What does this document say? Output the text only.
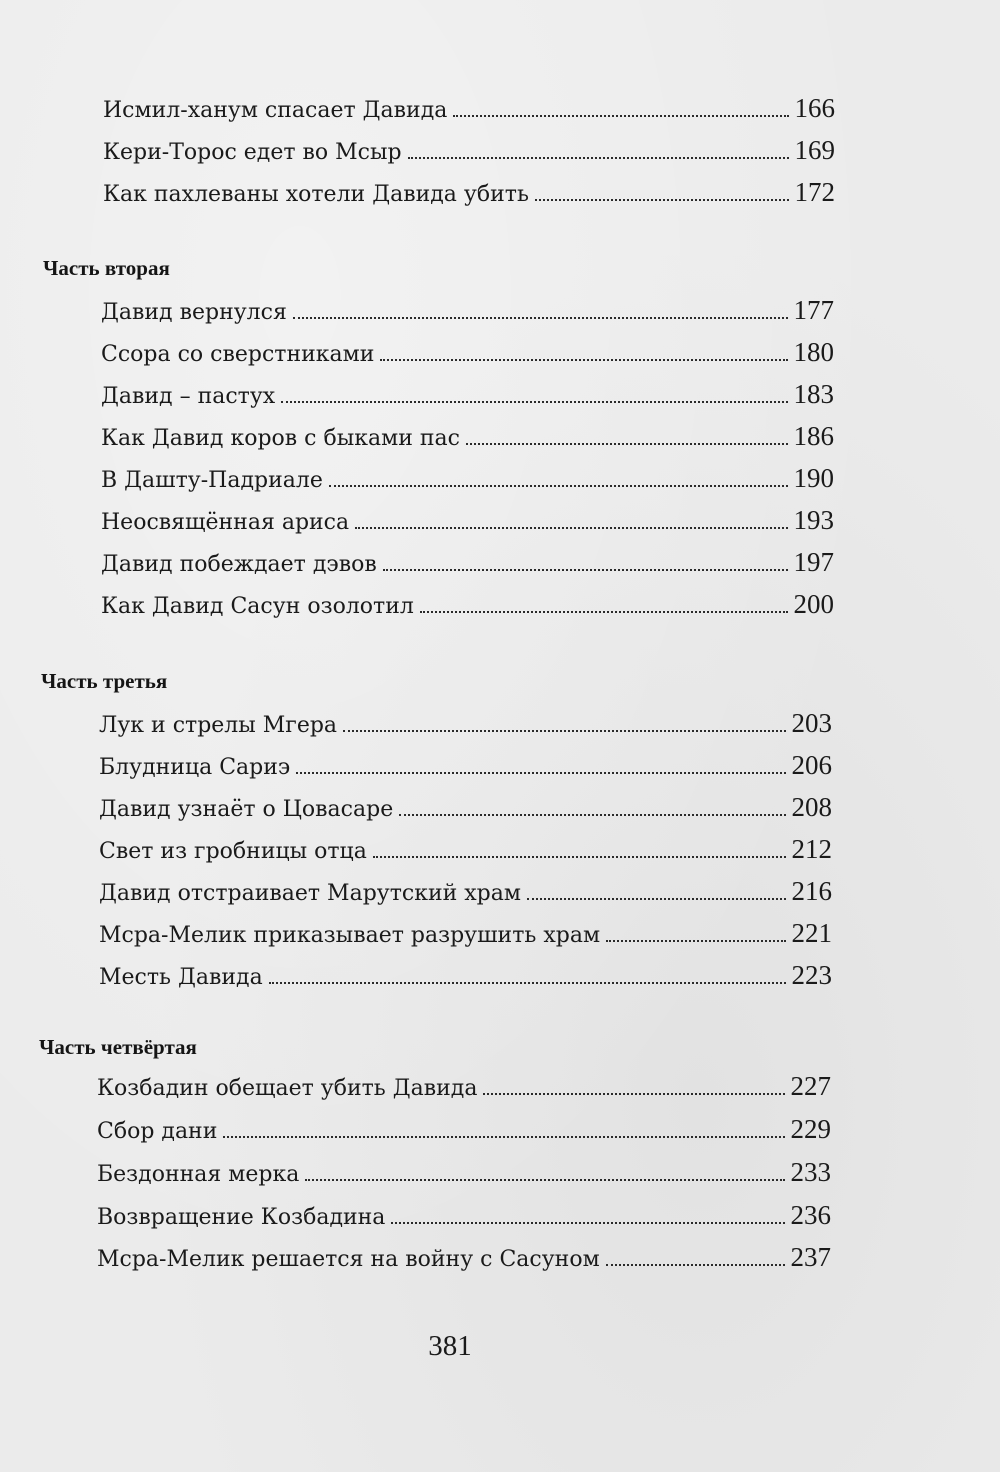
Исмил-ханум спасает Давида	166
Кери-Торос едет во Мсыр	169
Как пахлеваны хотели Давида убить	172
Часть вторая
Давид вернулся	177
Ссора со сверстниками	180
Давид – пастух	183
Как Давид коров с быками пас	186
В Дашту-Падриале	190
Неосвящённая ариса	193
Давид побеждает дэвов	197
Как Давид Сасун озолотил	200
Часть третья
Лук и стрелы Мгера	203
Блудница Сариэ	206
Давид узнаёт о Цовасаре	208
Свет из гробницы отца	212
Давид отстраивает Марутский храм	216
Мсра-Мелик приказывает разрушить храм	221
Месть Давида	223
Часть четвёртая
Козбадин обещает убить Давида	227
Сбор дани	229
Бездонная мерка	233
Возвращение Козбадина	236
Мсра-Мелик решается на войну с Сасуном	237
381
